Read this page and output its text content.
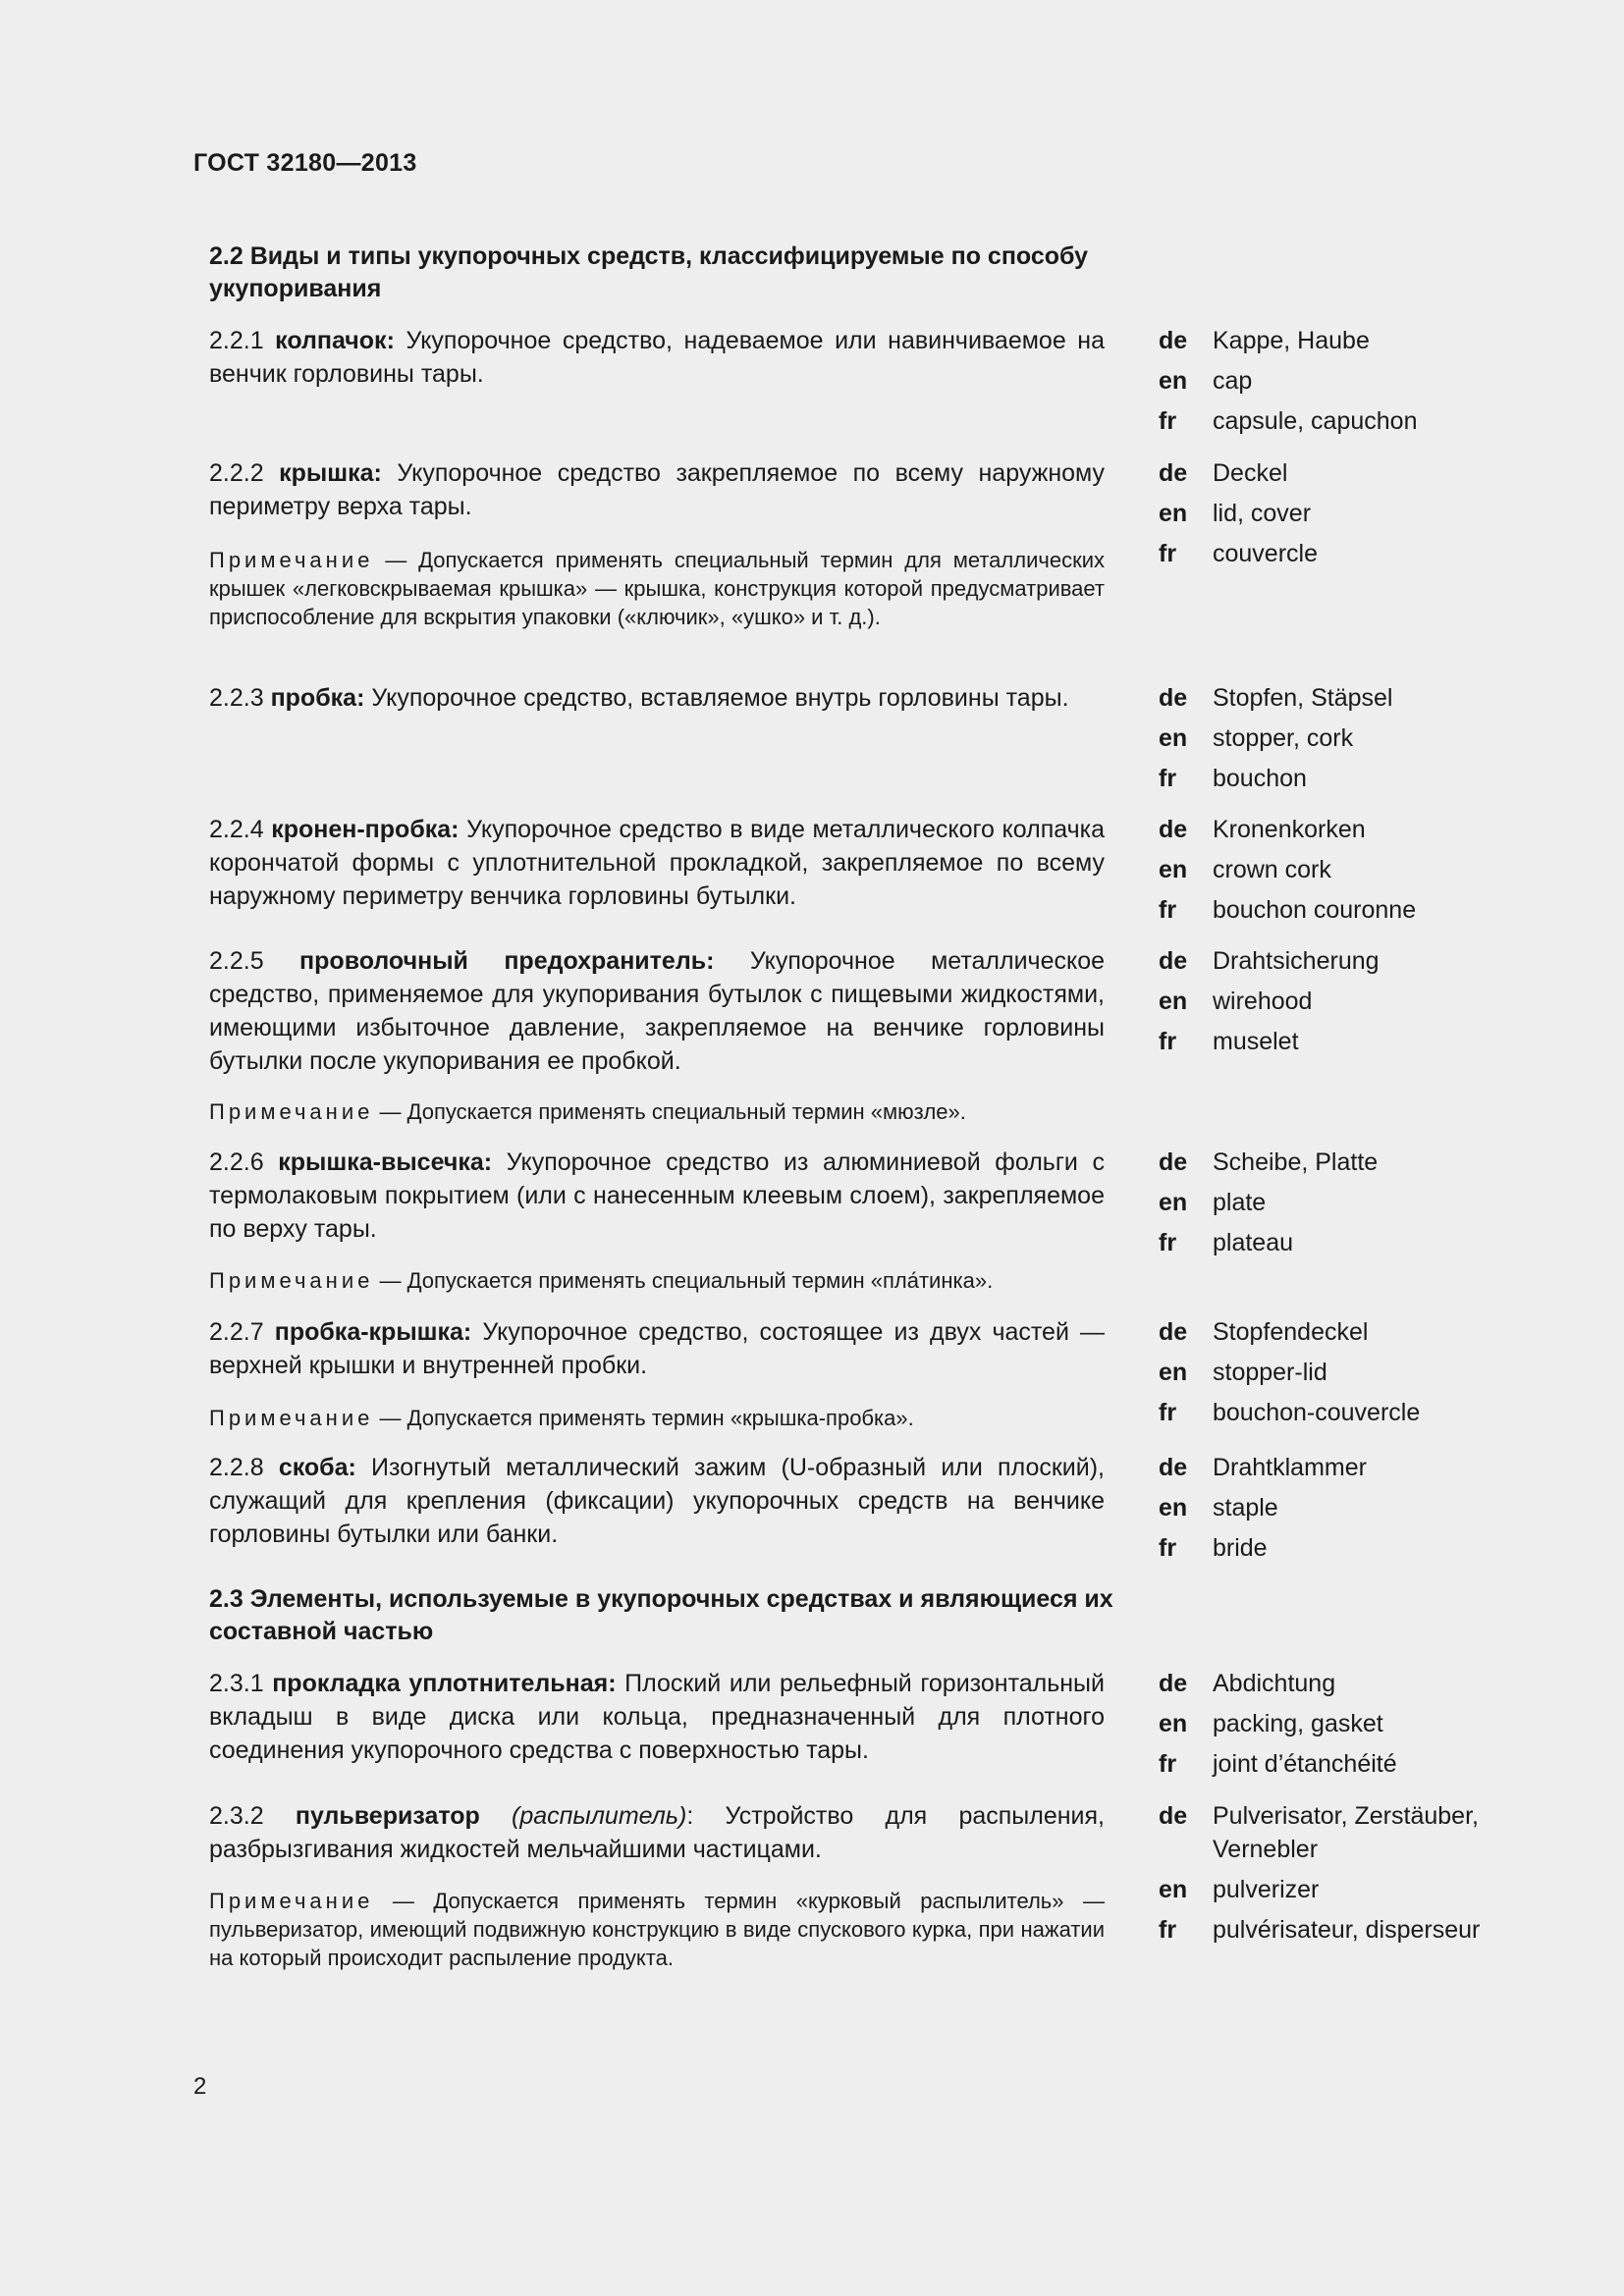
ГОСТ 32180—2013
2.2 Виды и типы укупорочных средств, классифицируемые по способу укупоривания
2.2.1 колпачок: Укупорочное средство, надеваемое или навинчиваемое на венчик горловины тары.
de Kappe, Haube
en cap
fr capsule, capuchon
2.2.2 крышка: Укупорочное средство закрепляемое по всему наружному периметру верха тары.
Примечание — Допускается применять специальный термин для металлических крышек «легковскрываемая крышка» — крышка, конструкция которой предусматривает приспособление для вскрытия упаковки («ключик», «ушко» и т. д.).
de Deckel
en lid, cover
fr couvercle
2.2.3 пробка: Укупорочное средство, вставляемое внутрь горловины тары.	de Stopfen, Stäpsel
en stopper, cork
fr bouchon
2.2.4 кронен-пробка: Укупорочное средство в виде металлического колпачка корончатой формы с уплотнительной прокладкой, закрепляемое по всему наружному периметру венчика горловины бутылки.
de Kronenkorken
en crown cork
fr bouchon couronne
2.2.5 проволочный предохранитель: Укупорочное металлическое средство, применяемое для укупоривания бутылок с пищевыми жидкостями, имеющими избыточное давление, закрепляемое на венчике горловины бутылки после укупоривания ее пробкой.
Примечание — Допускается применять специальный термин «мюзле».
de Drahtsicherung
en wirehood
fr muselet
2.2.6 крышка-высечка: Укупорочное средство из алюминиевой фольги с термолаковым покрытием (или с нанесенным клеевым слоем), закрепляемое по верху тары.
Примечание — Допускается применять специальный термин «пла́тинка».
de Scheibe, Platte
en plate
fr plateau
2.2.7 пробка-крышка: Укупорочное средство, состоящее из двух частей — верхней крышки и внутренней пробки.
Примечание — Допускается применять термин «крышка-пробка».
de Stopfendeckel
en stopper-lid
fr bouchon-couvercle
2.2.8 скоба: Изогнутый металлический зажим (U-образный или плоский), служащий для крепления (фиксации) укупорочных средств на венчике горловины бутылки или банки.
de Drahtklammer
en staple
fr bride
2.3 Элементы, используемые в укупорочных средствах и являющиеся их составной частью
2.3.1 прокладка уплотнительная: Плоский или рельефный горизонтальный вкладыш в виде диска или кольца, предназначенный для плотного соединения укупорочного средства с поверхностью тары.
de Abdichtung
en packing, gasket
fr joint d’étanchéité
2.3.2 пульверизатор (распылитель): Устройство для распыления, разбрызгивания жидкостей мельчайшими частицами.
Примечание — Допускается применять термин «курковый распылитель» — пульверизатор, имеющий подвижную конструкцию в виде спускового курка, при нажатии на который происходит распыление продукта.
de Pulverisator, Zerstäuber, Vernebler
en pulverizer
fr pulvérisateur, disperseur
2
